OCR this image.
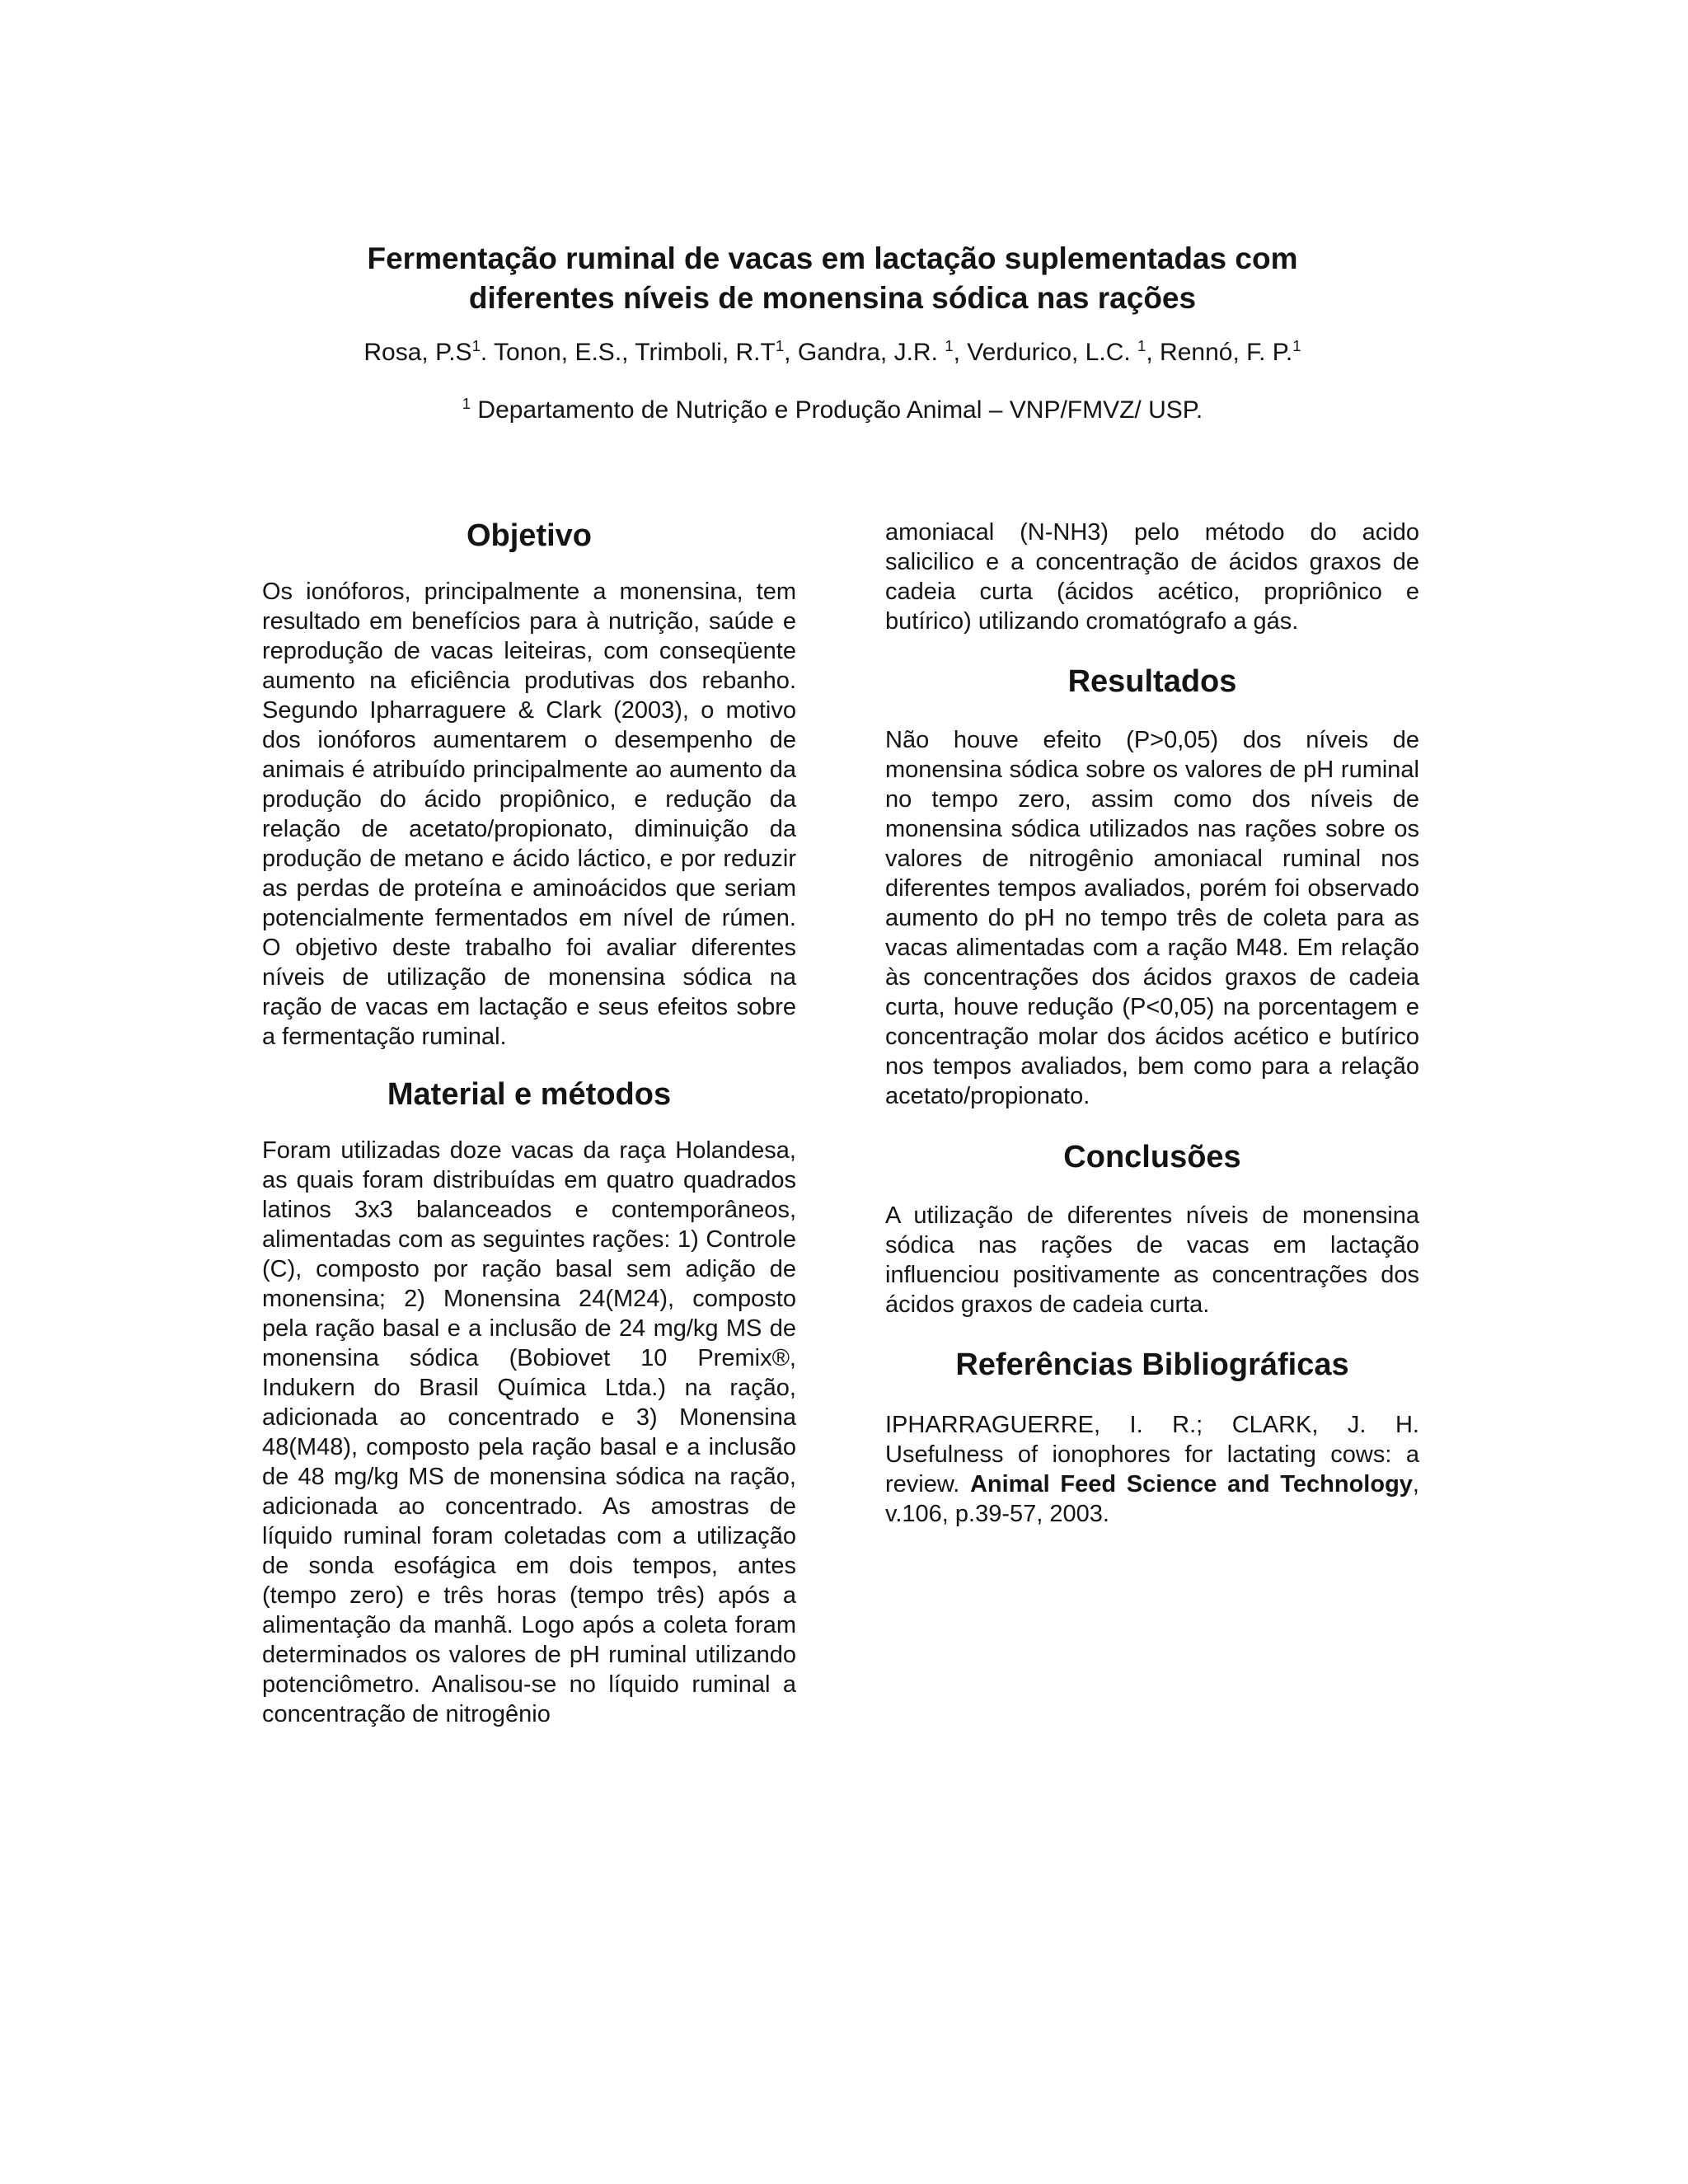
Fermentação ruminal de vacas em lactação suplementadas com
diferentes níveis de monensina sódica nas rações
Rosa, $P.S^1$. Tonon, E.S., Trimboli, $R.T^1$, Gandra, J.R. $^1$, Verdurico, L.C. $^1$, Rennó, F. P.$^1$
$^1$ Departamento de Nutrição e Produção Animal – VNP/FMVZ/ USP.
Objetivo

Os ionóforos, principalmente a monensina, tem resultado em benefícios para à nutrição, saúde e reprodução de vacas leiteiras, com conseqüente aumento na eficiência produtivas dos rebanho. Segundo Ipharraguere & Clark (2003), o motivo dos ionóforos aumentarem o desempenho de animais é atribuído principalmente ao aumento da produção do ácido propiônico, e redução da relação de acetato/propionato, diminuição da produção de metano e ácido láctico, e por reduzir as perdas de proteína e aminoácidos que seriam potencialmente fermentados em nível de rúmen. O objetivo deste trabalho foi avaliar diferentes níveis de utilização de monensina sódica na ração de vacas em lactação e seus efeitos sobre a fermentação ruminal.

Material e métodos

Foram utilizadas doze vacas da raça Holandesa, as quais foram distribuídas em quatro quadrados latinos 3x3 balanceados e contemporâneos, alimentadas com as seguintes rações: 1) Controle (C), composto por ração basal sem adição de monensina; 2) Monensina 24(M24), composto pela ração basal e a inclusão de 24 mg/kg MS de monensina sódica (Bobiovet 10 Premix®, Indukern do Brasil Química Ltda.) na ração, adicionada ao concentrado e 3) Monensina 48(M48), composto pela ração basal e a inclusão de 48 mg/kg MS de monensina sódica na ração, adicionada ao concentrado. As amostras de líquido ruminal foram coletadas com a utilização de sonda esofágica em dois tempos, antes (tempo zero) e três horas (tempo três) após a alimentação da manhã. Logo após a coleta foram determinados os valores de pH ruminal utilizando potenciômetro. Analisou-se no líquido ruminal a concentração de nitrogênio

amoniacal (N-NH3) pelo método do acido salicilico e a concentração de ácidos graxos de cadeia curta (ácidos acético, propriônico e butírico) utilizando cromatógrafo a gás.

Resultados

Não houve efeito (P>0,05) dos níveis de monensina sódica sobre os valores de pH ruminal no tempo zero, assim como dos níveis de monensina sódica utilizados nas rações sobre os valores de nitrogênio amoniacal ruminal nos diferentes tempos avaliados, porém foi observado aumento do pH no tempo três de coleta para as vacas alimentadas com a ração M48. Em relação às concentrações dos ácidos graxos de cadeia curta, houve redução (P<0,05) na porcentagem e concentração molar dos ácidos acético e butírico nos tempos avaliados, bem como para a relação acetato/propionato.

Conclusões

A utilização de diferentes níveis de monensina sódica nas rações de vacas em lactação influenciou positivamente as concentrações dos ácidos graxos de cadeia curta.

Referências Bibliográficas

IPHARRAGUERRE, I. R.; CLARK, J. H. Usefulness of ionophores for lactating cows: a review. Animal Feed Science and Technology, v.106, p.39-57, 2003.
